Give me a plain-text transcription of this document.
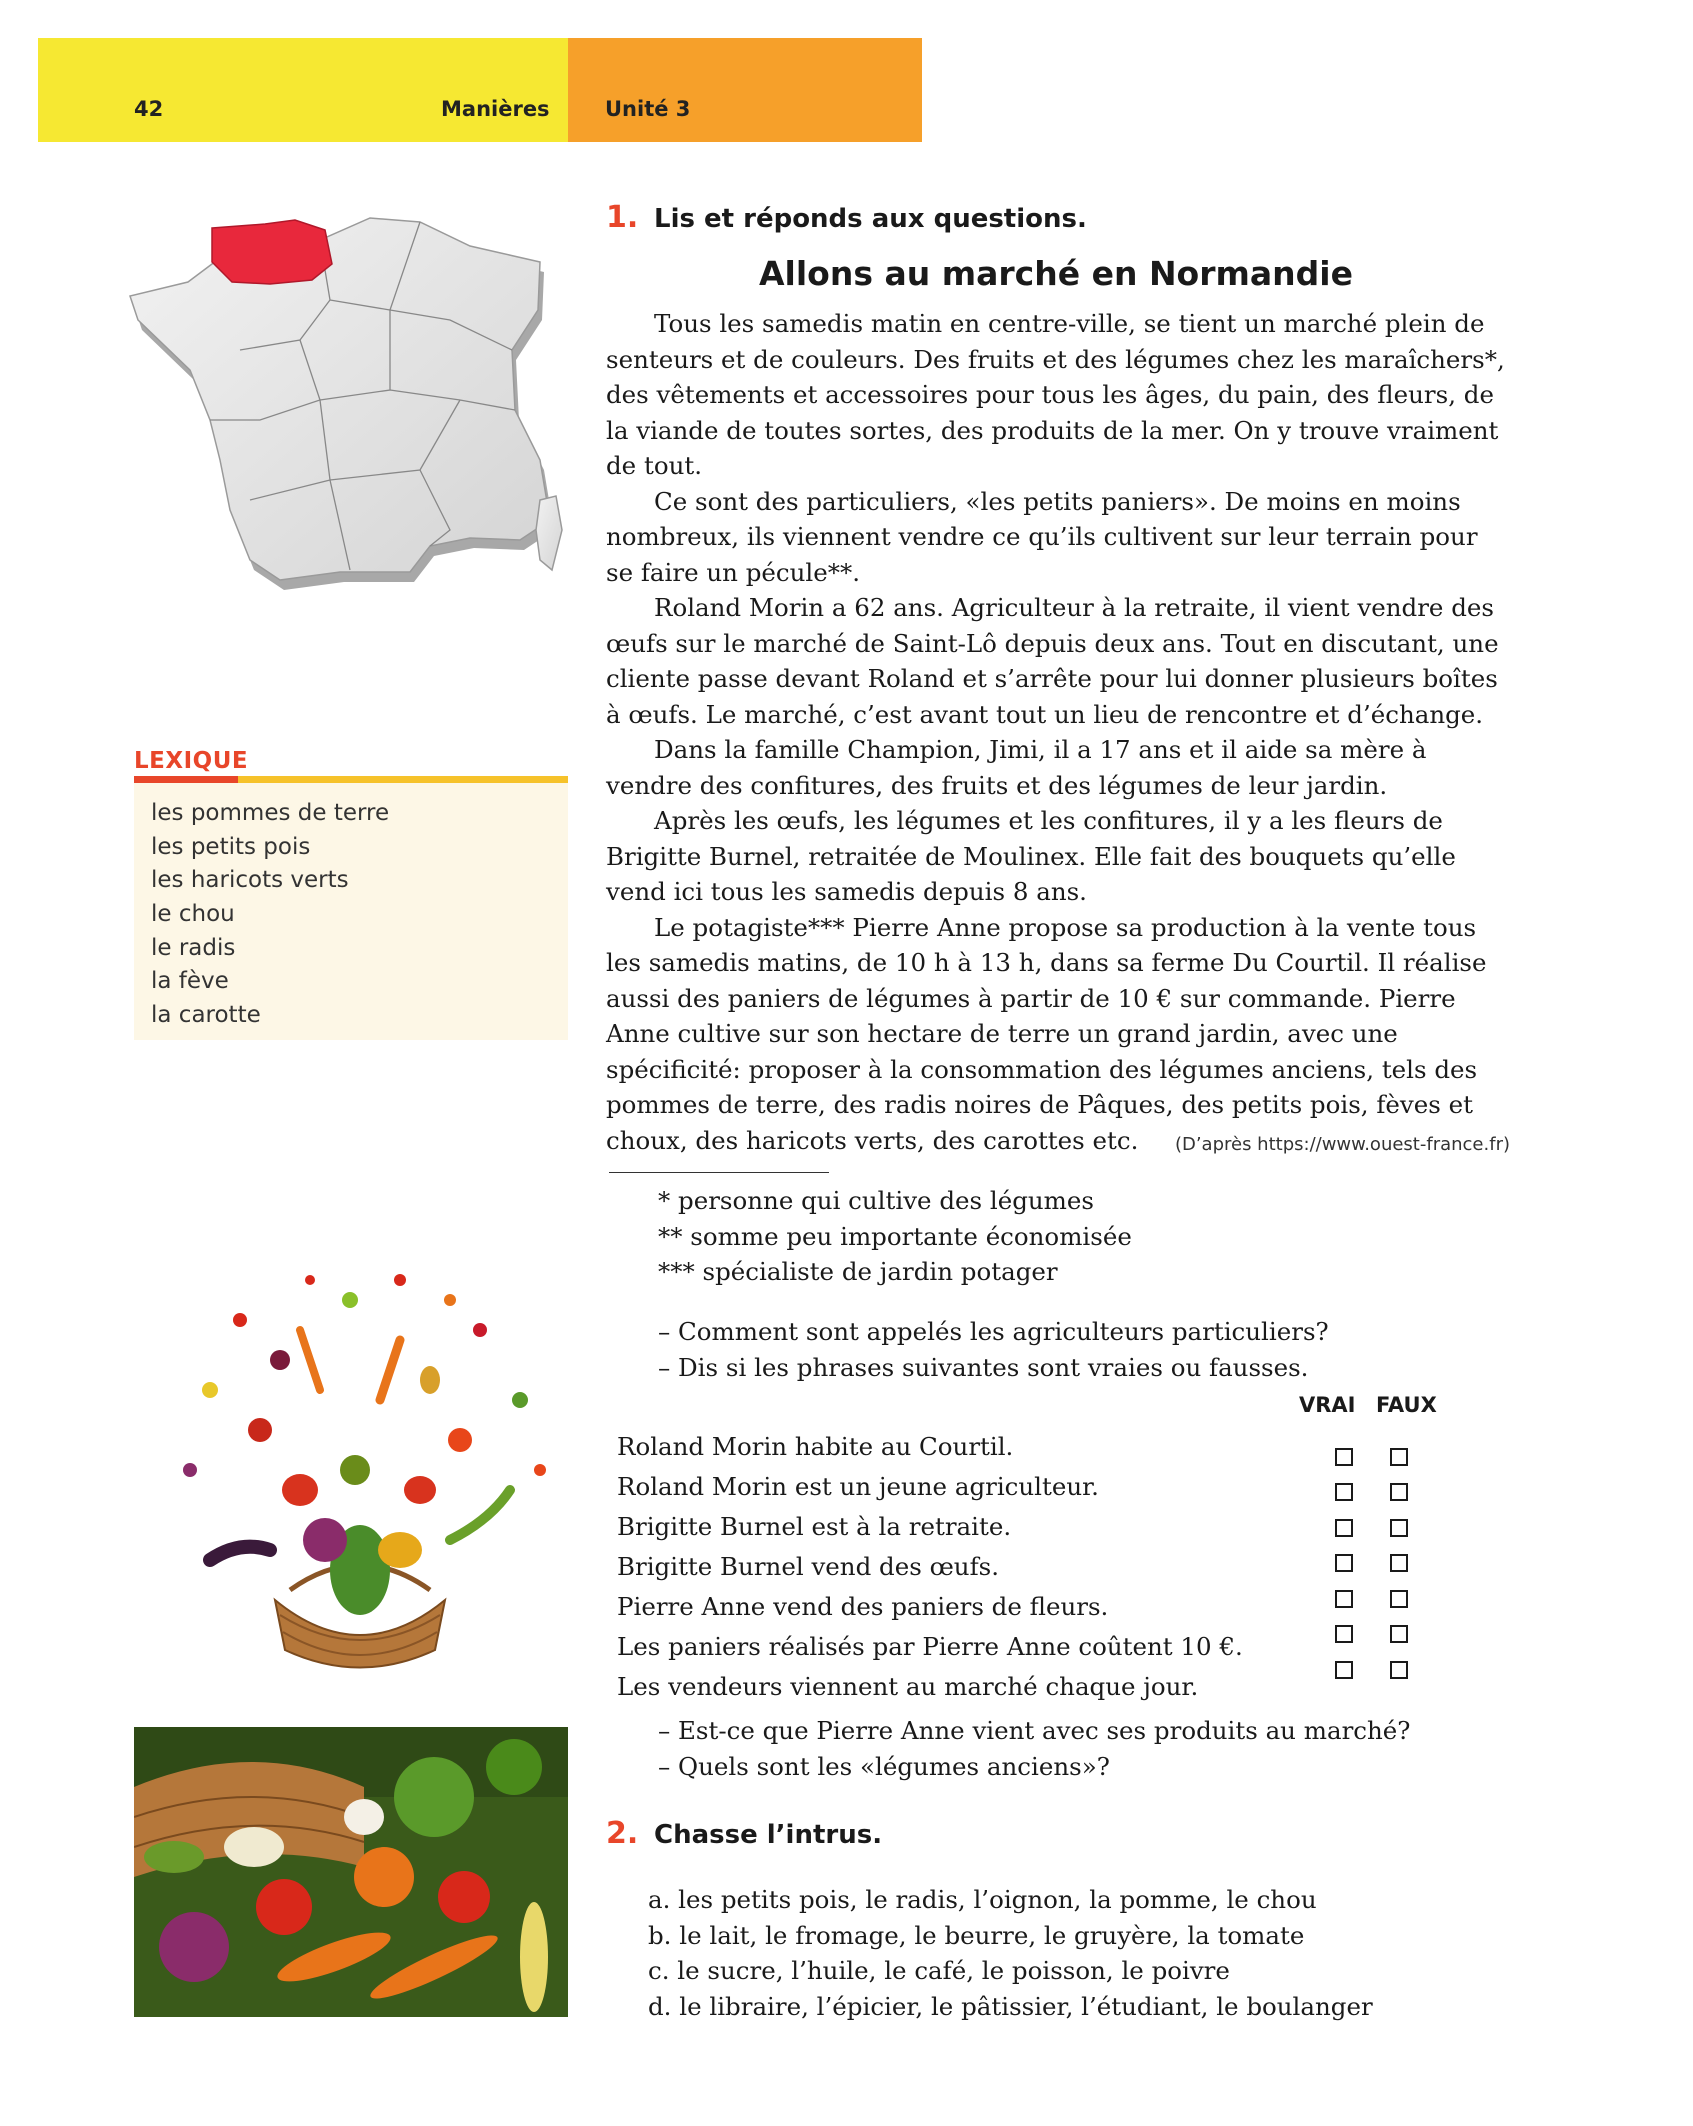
42	Manières	Unité 3
LEXIQUE
les pommes de terre
les petits pois
les haricots verts
le chou
le radis
la fève
la carotte
1. Lis et réponds aux questions.
Allons au marché en Normandie

Tous les samedis matin en centre-ville, se tient un marché plein de senteurs et de couleurs. Des fruits et des légumes chez les maraîchers*, des vêtements et accessoires pour tous les âges, du pain, des fleurs, de la viande de toutes sortes, des produits de la mer. On y trouve vraiment de tout.

Ce sont des particuliers, «les petits paniers». De moins en moins nombreux, ils viennent vendre ce qu’ils cultivent sur leur terrain pour se faire un pécule**.

Roland Morin a 62 ans. Agriculteur à la retraite, il vient vendre des œufs sur le marché de Saint-Lô depuis deux ans. Tout en discutant, une cliente passe devant Roland et s’arrête pour lui donner plusieurs boîtes à œufs. Le marché, c’est avant tout un lieu de rencontre et d’échange.

Dans la famille Champion, Jimi, il a 17 ans et il aide sa mère à vendre des confitures, des fruits et des légumes de leur jardin.

Après les œufs, les légumes et les confitures, il y a les fleurs de Brigitte Burnel, retraitée de Moulinex. Elle fait des bouquets qu’elle vend ici tous les samedis depuis 8 ans.

Le potagiste*** Pierre Anne propose sa production à la vente tous les samedis matins, de 10 h à 13 h, dans sa ferme Du Courtil. Il réalise aussi des paniers de légumes à partir de 10 € sur commande. Pierre Anne cultive sur son hectare de terre un grand jardin, avec une spécificité: proposer à la consommation des légumes anciens, tels des pommes de terre, des radis noires de Pâques, des petits pois, fèves et choux, des haricots verts, des carottes etc.	(D’après https://www.ouest-france.fr)
* personne qui cultive des légumes
** somme peu importante économisée
*** spécialiste de jardin potager
– Comment sont appelés les agriculteurs particuliers?
– Dis si les phrases suivantes sont vraies ou fausses.
VRAI FAUX
Roland Morin habite au Courtil.
Roland Morin est un jeune agriculteur.
Brigitte Burnel est à la retraite.
Brigitte Burnel vend des œufs.
Pierre Anne vend des paniers de fleurs.
Les paniers réalisés par Pierre Anne coûtent 10 €.
Les vendeurs viennent au marché chaque jour.
– Est-ce que Pierre Anne vient avec ses produits au marché?
– Quels sont les «légumes anciens»?
2. Chasse l’intrus.
a. les petits pois, le radis, l’oignon, la pomme, le chou
b. le lait, le fromage, le beurre, le gruyère, la tomate
c. le sucre, l’huile, le café, le poisson, le poivre
d. le libraire, l’épicier, le pâtissier, l’étudiant, le boulanger
